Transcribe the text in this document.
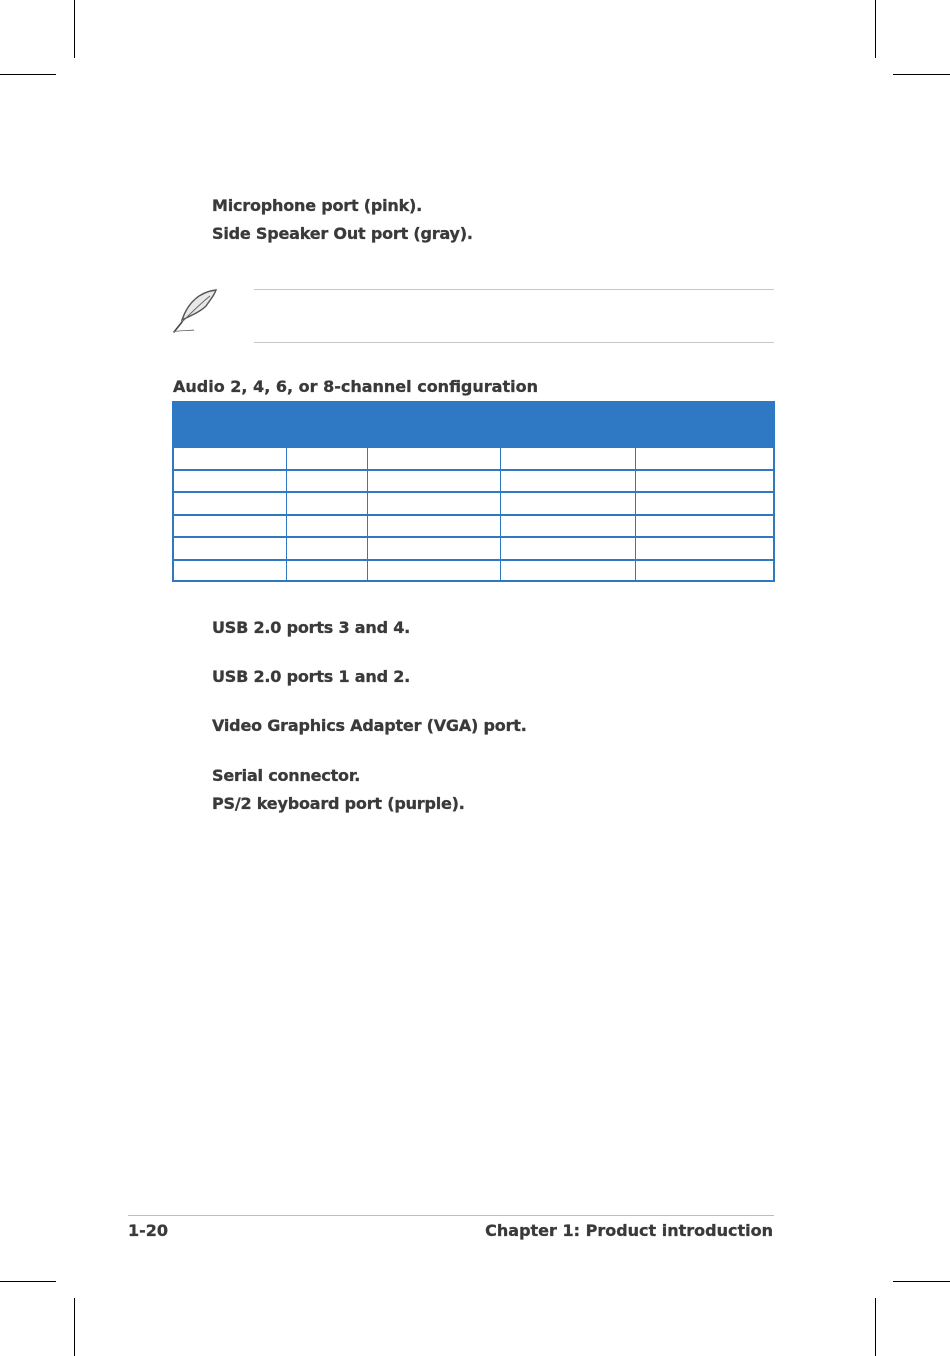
Microphone port (pink).
Side Speaker Out port (gray).
Audio 2, 4, 6, or 8-channel configuration
USB 2.0 ports 3 and 4.
USB 2.0 ports 1 and 2.
Video Graphics Adapter (VGA) port.
Serial connector.
PS/2 keyboard port (purple).
1-20	Chapter 1: Product introduction
